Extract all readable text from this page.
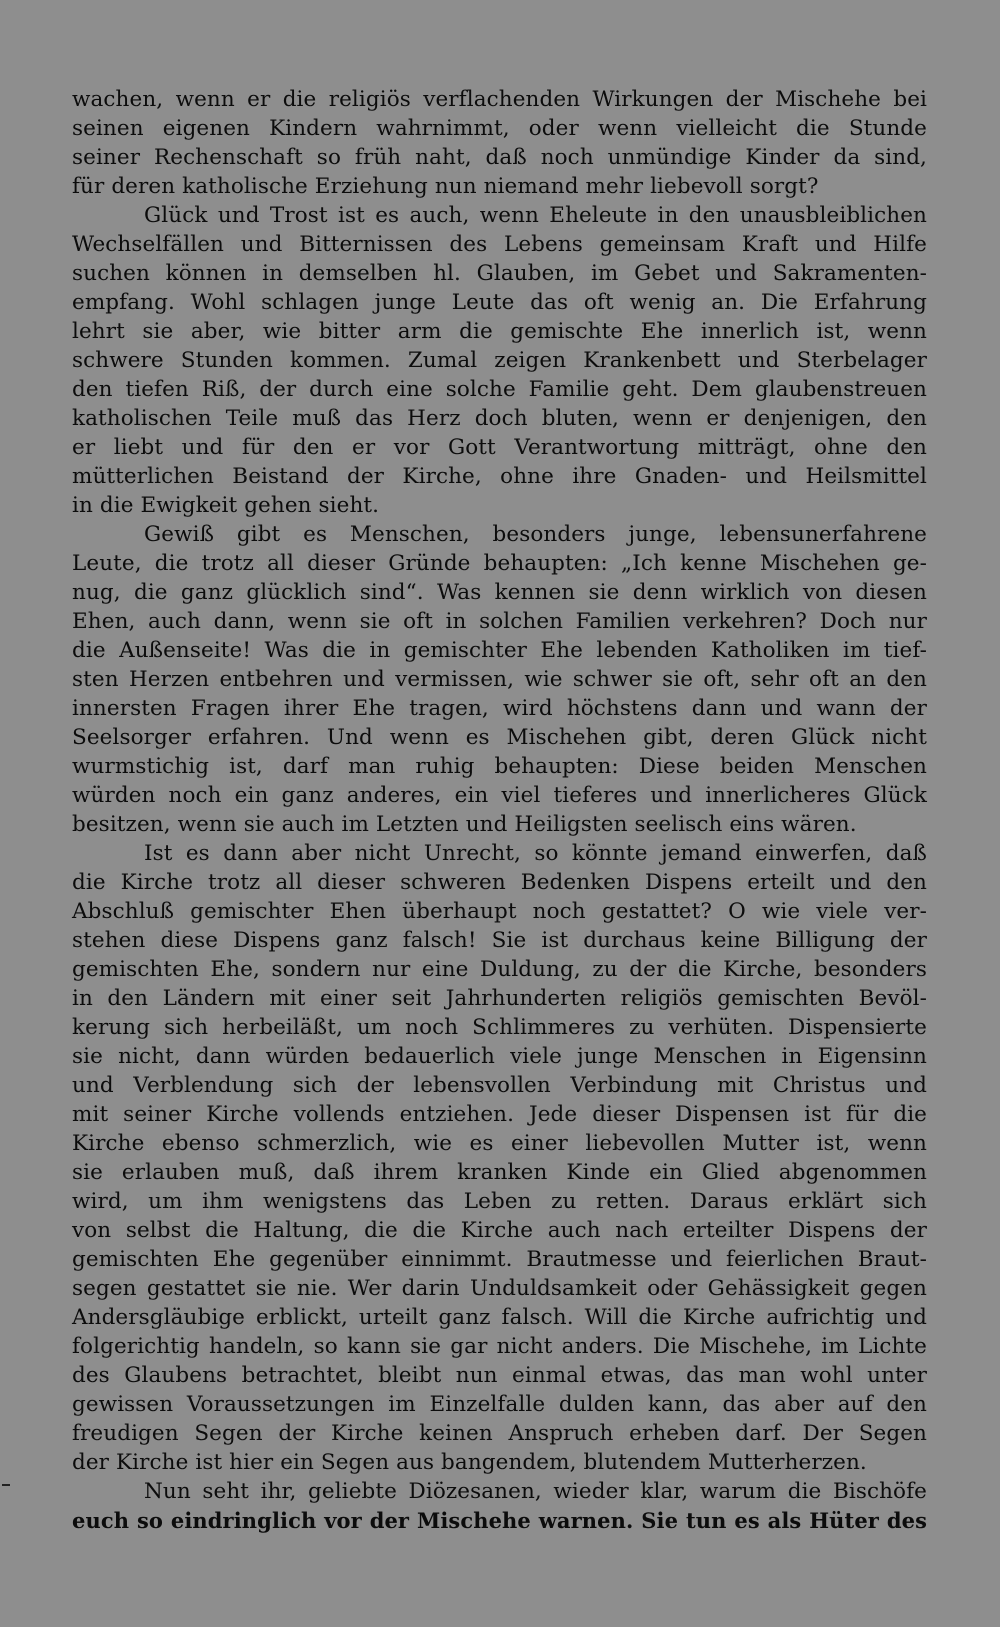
wachen, wenn er die religiös verflachenden Wirkungen der Mischehe bei
seinen eigenen Kindern wahrnimmt, oder wenn vielleicht die Stunde
seiner Rechenschaft so früh naht, daß noch unmündige Kinder da sind,
für deren katholische Erziehung nun niemand mehr liebevoll sorgt?
Glück und Trost ist es auch, wenn Eheleute in den unausbleiblichen
Wechselfällen und Bitternissen des Lebens gemeinsam Kraft und Hilfe
suchen können in demselben hl. Glauben, im Gebet und Sakramenten-
empfang. Wohl schlagen junge Leute das oft wenig an. Die Erfahrung
lehrt sie aber, wie bitter arm die gemischte Ehe innerlich ist, wenn
schwere Stunden kommen. Zumal zeigen Krankenbett und Sterbelager
den tiefen Riß, der durch eine solche Familie geht. Dem glaubenstreuen
katholischen Teile muß das Herz doch bluten, wenn er denjenigen, den
er liebt und für den er vor Gott Verantwortung mitträgt, ohne den
mütterlichen Beistand der Kirche, ohne ihre Gnaden- und Heilsmittel
in die Ewigkeit gehen sieht.
Gewiß gibt es Menschen, besonders junge, lebensunerfahrene
Leute, die trotz all dieser Gründe behaupten: „Ich kenne Mischehen ge-
nug, die ganz glücklich sind“. Was kennen sie denn wirklich von diesen
Ehen, auch dann, wenn sie oft in solchen Familien verkehren? Doch nur
die Außenseite! Was die in gemischter Ehe lebenden Katholiken im tief-
sten Herzen entbehren und vermissen, wie schwer sie oft, sehr oft an den
innersten Fragen ihrer Ehe tragen, wird höchstens dann und wann der
Seelsorger erfahren. Und wenn es Mischehen gibt, deren Glück nicht
wurmstichig ist, darf man ruhig behaupten: Diese beiden Menschen
würden noch ein ganz anderes, ein viel tieferes und innerlicheres Glück
besitzen, wenn sie auch im Letzten und Heiligsten seelisch eins wären.
Ist es dann aber nicht Unrecht, so könnte jemand einwerfen, daß
die Kirche trotz all dieser schweren Bedenken Dispens erteilt und den
Abschluß gemischter Ehen überhaupt noch gestattet? O wie viele ver-
stehen diese Dispens ganz falsch! Sie ist durchaus keine Billigung der
gemischten Ehe, sondern nur eine Duldung, zu der die Kirche, besonders
in den Ländern mit einer seit Jahrhunderten religiös gemischten Bevöl-
kerung sich herbeiläßt, um noch Schlimmeres zu verhüten. Dispensierte
sie nicht, dann würden bedauerlich viele junge Menschen in Eigensinn
und Verblendung sich der lebensvollen Verbindung mit Christus und
mit seiner Kirche vollends entziehen. Jede dieser Dispensen ist für die
Kirche ebenso schmerzlich, wie es einer liebevollen Mutter ist, wenn
sie erlauben muß, daß ihrem kranken Kinde ein Glied abgenommen
wird, um ihm wenigstens das Leben zu retten. Daraus erklärt sich
von selbst die Haltung, die die Kirche auch nach erteilter Dispens der
gemischten Ehe gegenüber einnimmt. Brautmesse und feierlichen Braut-
segen gestattet sie nie. Wer darin Unduldsamkeit oder Gehässigkeit gegen
Andersgläubige erblickt, urteilt ganz falsch. Will die Kirche aufrichtig und
folgerichtig handeln, so kann sie gar nicht anders. Die Mischehe, im Lichte
des Glaubens betrachtet, bleibt nun einmal etwas, das man wohl unter
gewissen Voraussetzungen im Einzelfalle dulden kann, das aber auf den
freudigen Segen der Kirche keinen Anspruch erheben darf. Der Segen
der Kirche ist hier ein Segen aus bangendem, blutendem Mutterherzen.
Nun seht ihr, geliebte Diözesanen, wieder klar, warum die Bischöfe
euch so eindringlich vor der Mischehe warnen. Sie tun es als Hüter des
